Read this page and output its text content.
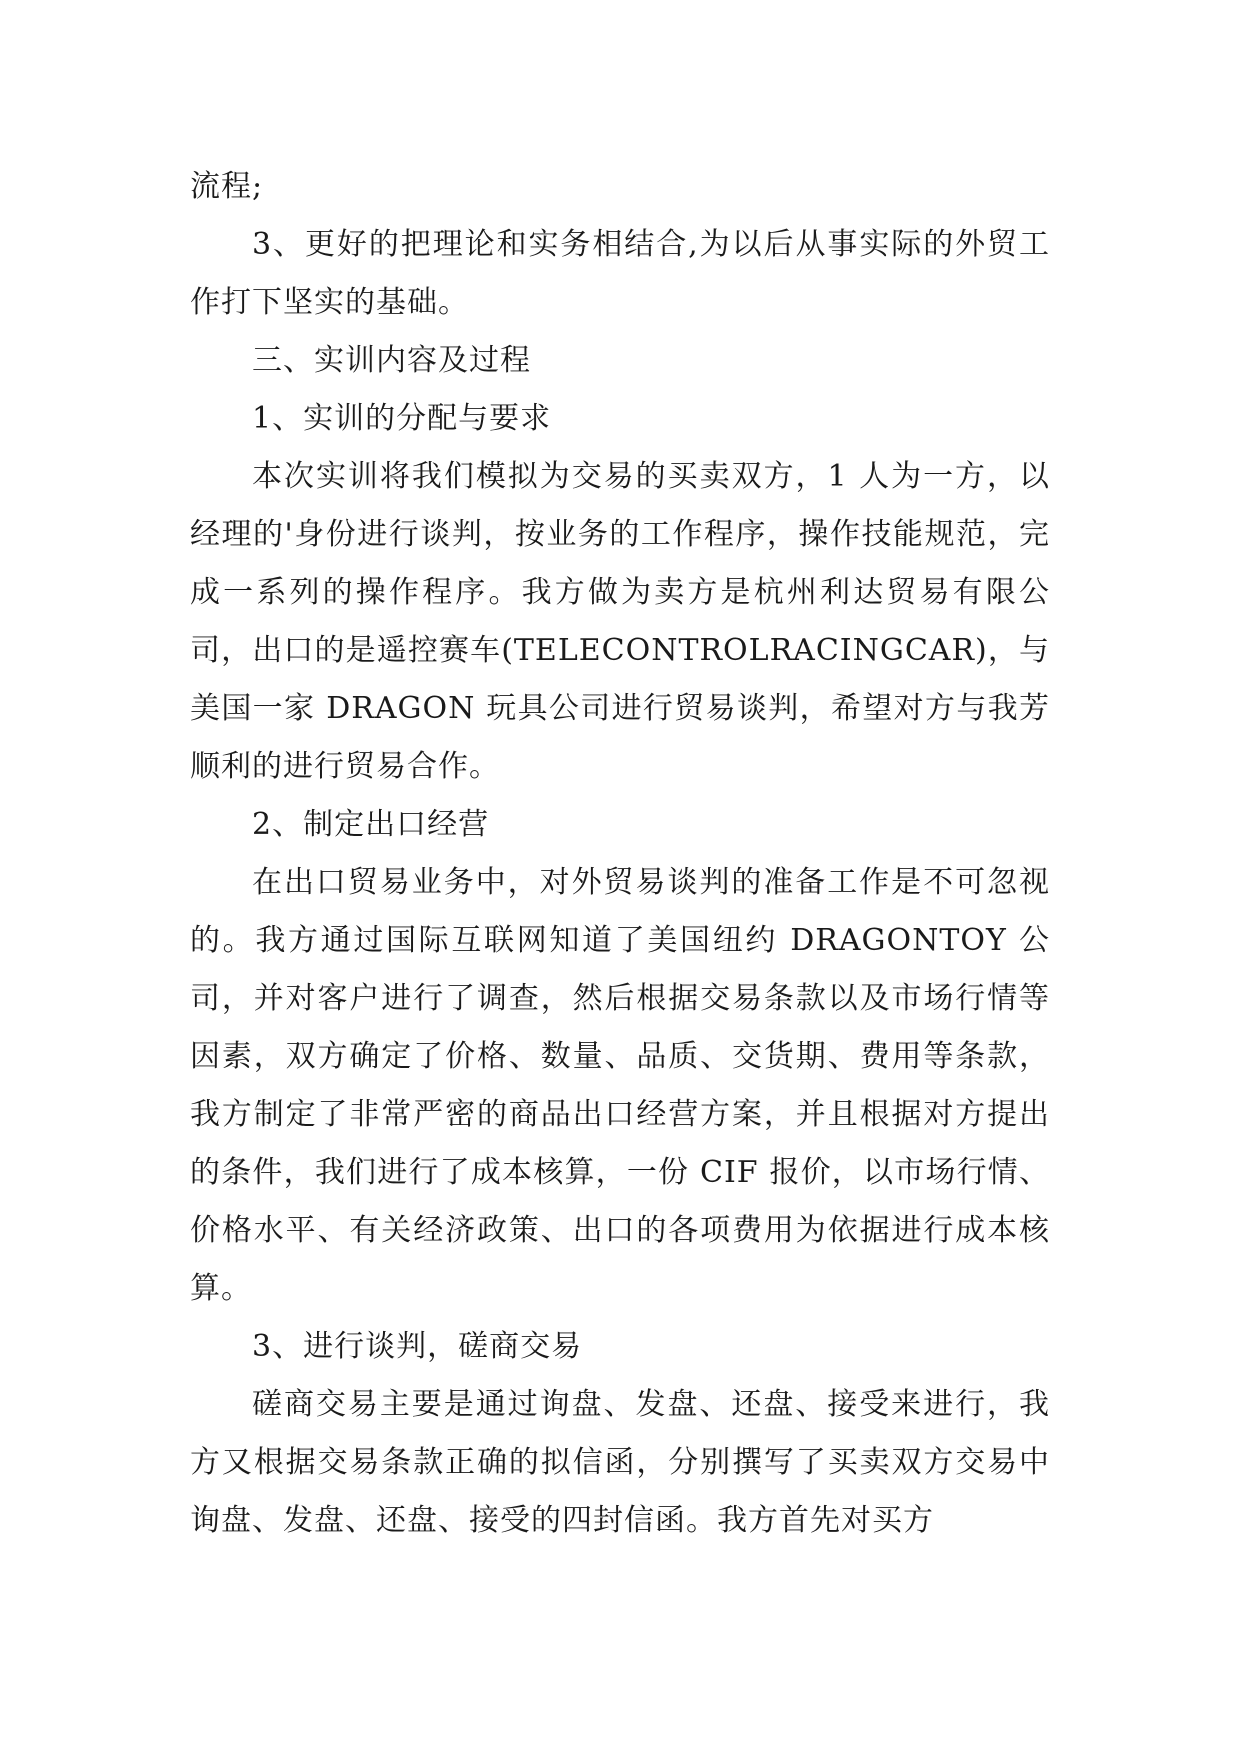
流程;

3、更好的把理论和实务相结合,为以后从事实际的外贸工作打下坚实的基础。

三、实训内容及过程

1、实训的分配与要求

本次实训将我们模拟为交易的买卖双方，1 人为一方，以经理的'身份进行谈判，按业务的工作程序，操作技能规范，完成一系列的操作程序。我方做为卖方是杭州利达贸易有限公司，出口的是遥控赛车(TELECONTROLRACINGCAR)，与美国一家 DRAGON 玩具公司进行贸易谈判，希望对方与我芳顺利的进行贸易合作。

2、制定出口经营

在出口贸易业务中，对外贸易谈判的准备工作是不可忽视的。我方通过国际互联网知道了美国纽约 DRAGONTOY 公司，并对客户进行了调查，然后根据交易条款以及市场行情等因素，双方确定了价格、数量、品质、交货期、费用等条款，我方制定了非常严密的商品出口经营方案，并且根据对方提出的条件，我们进行了成本核算，一份 CIF 报价，以市场行情、价格水平、有关经济政策、出口的各项费用为依据进行成本核算。

3、进行谈判，磋商交易

磋商交易主要是通过询盘、发盘、还盘、接受来进行，我方又根据交易条款正确的拟信函，分别撰写了买卖双方交易中询盘、发盘、还盘、接受的四封信函。我方首先对买方
